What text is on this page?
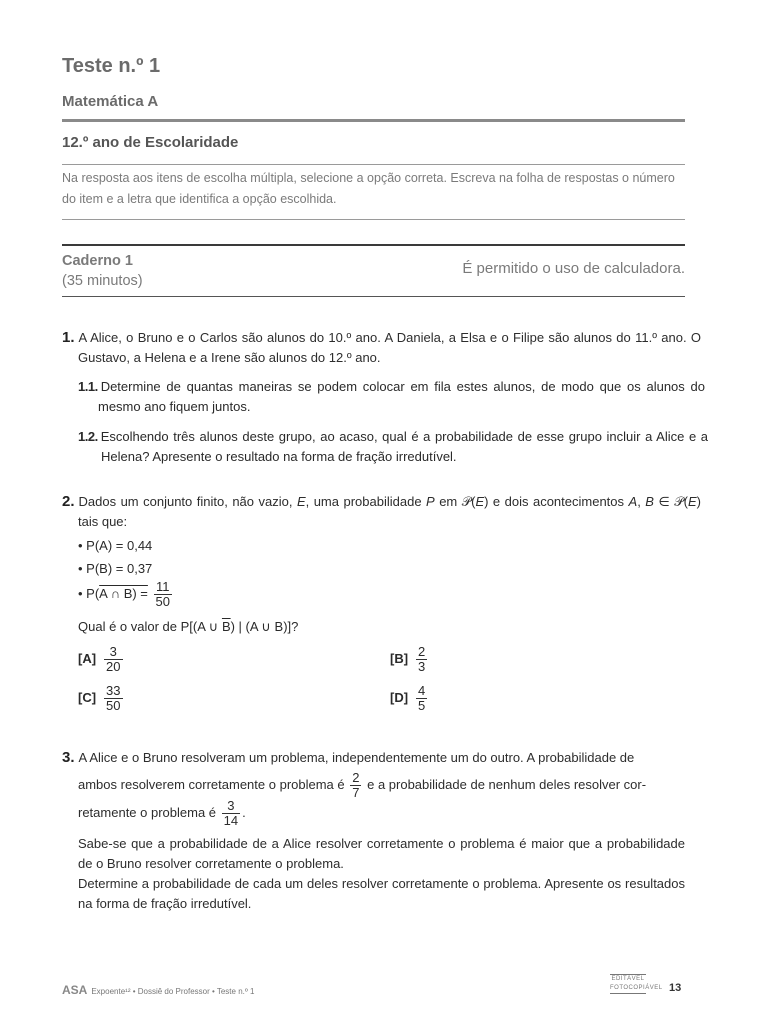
Teste n.º 1
Matemática A
12.º ano de Escolaridade
Na resposta aos itens de escolha múltipla, selecione a opção correta. Escreva na folha de respostas o número do item e a letra que identifica a opção escolhida.
Caderno 1
(35 minutos)
É permitido o uso de calculadora.
1. A Alice, o Bruno e o Carlos são alunos do 10.º ano. A Daniela, a Elsa e o Filipe são alunos do 11.º ano. O Gustavo, a Helena e a Irene são alunos do 12.º ano.
1.1. Determine de quantas maneiras se podem colocar em fila estes alunos, de modo que os alunos do mesmo ano fiquem juntos.
1.2. Escolhendo três alunos deste grupo, ao acaso, qual é a probabilidade de esse grupo incluir a Alice e a Helena? Apresente o resultado na forma de fração irredutível.
2. Dados um conjunto finito, não vazio, E, uma probabilidade P em 𝒫(E) e dois acontecimentos A, B ∈ 𝒫(E) tais que:
• P(A) = 0,44
• P(B) = 0,37
• P(A ∩ $B) = \frac{11}{50}$
Qual é o valor de P[(A ∪ $\overline{B}$) | (A ∪ B)]?
$[A] \frac{3}{20}$	$[B] \frac{2}{3}$
$[C] \frac{33}{50}$	$[D] \frac{4}{5}$
3. A Alice e o Bruno resolveram um problema, independentemente um do outro. A probabilidade de
ambos resolverem corretamente o problema é $\frac{2}{7}$ e a probabilidade de nenhum deles resolver cor-
retamente o problema é $\frac{3}{14}$ .
Sabe-se que a probabilidade de a Alice resolver corretamente o problema é maior que a probabilidade de o Bruno resolver corretamente o problema.
Determine a probabilidade de cada um deles resolver corretamente o problema. Apresente os resultados na forma de fração irredutível.
ASA Expoente¹² • Dossiê do Professor • Teste n.º 1
EDITÁVEL
FOTOCOPIÁVEL 13
